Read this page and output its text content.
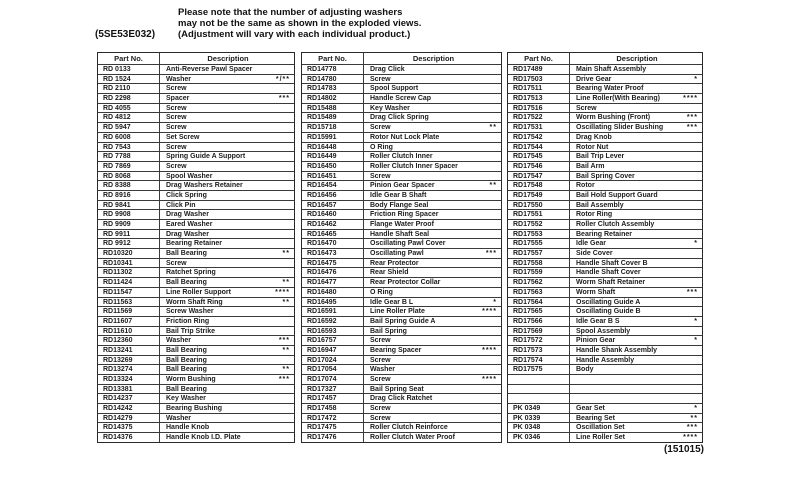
Please note that the number of adjusting washers
may not be the same as shown in the exploded views.
(Adjustment will vary with each individual product.)
(5SE53E032)
Part No.	Description
RD 0133	Anti-Reverse Pawl Spacer
RD 1524	Washer	*/**
RD 2110	Screw
RD 2298	Spacer	***
RD 4055	Screw
RD 4812	Screw
RD 5947	Screw
RD 6008	Set Screw
RD 7543	Screw
RD 7788	Spring Guide A Support
RD 7869	Screw
RD 8068	Spool Washer
RD 8388	Drag Washers Retainer
RD 8916	Click Spring
RD 9841	Click Pin
RD 9908	Drag Washer
RD 9909	Eared Washer
RD 9911	Drag Washer
RD 9912	Bearing Retainer
RD10320	Ball Bearing	**
RD10341	Screw
RD11302	Ratchet Spring
RD11424	Ball Bearing	**
RD11547	Line Roller Support	****
RD11563	Worm Shaft Ring	**
RD11569	Screw Washer
RD11607	Friction Ring
RD11610	Bail Trip Strike
RD12360	Washer	***
RD13241	Ball Bearing	**
RD13269	Ball Bearing
RD13274	Ball Bearing	**
RD13324	Worm Bushing	***
RD13381	Ball Bearing
RD14237	Key Washer
RD14242	Bearing Bushing
RD14279	Washer
RD14375	Handle Knob
RD14376	Handle Knob I.D. Plate
Part No.	Description
RD14778	Drag Click
RD14780	Screw
RD14783	Spool Support
RD14802	Handle Screw Cap
RD15488	Key Washer
RD15489	Drag Click Spring
RD15718	Screw	**
RD15991	Rotor Nut Lock Plate
RD16448	O Ring
RD16449	Roller Clutch Inner
RD16450	Roller Clutch Inner Spacer
RD16451	Screw
RD16454	Pinion Gear Spacer	**
RD16456	Idle Gear B Shaft
RD16457	Body Flange Seal
RD16460	Friction Ring Spacer
RD16462	Flange Water Proof
RD16465	Handle Shaft Seal
RD16470	Oscillating Pawl Cover
RD16473	Oscillating Pawl	***
RD16475	Rear Protector
RD16476	Rear Shield
RD16477	Rear Protector Collar
RD16480	O Ring
RD16495	Idle Gear B L	*
RD16591	Line Roller Plate	****
RD16592	Bail Spring Guide A
RD16593	Bail Spring
RD16757	Screw
RD16947	Bearing Spacer	****
RD17024	Screw
RD17054	Washer
RD17074	Screw	****
RD17327	Bail Spring Seat
RD17457	Drag Click Ratchet
RD17458	Screw
RD17472	Screw
RD17475	Roller Clutch Reinforce
RD17476	Roller Clutch Water Proof
Part No.	Description
RD17489	Main Shaft Assembly
RD17503	Drive Gear	*
RD17511	Bearing Water Proof
RD17513	Line Roller(With Bearing)	****
RD17516	Screw
RD17522	Worm Bushing (Front)	***
RD17531	Oscillating Slider Bushing	***
RD17542	Drag Knob
RD17544	Rotor Nut
RD17545	Bail Trip Lever
RD17546	Bail Arm
RD17547	Bail Spring Cover
RD17548	Rotor
RD17549	Bail Hold Support Guard
RD17550	Bail Assembly
RD17551	Rotor Ring
RD17552	Roller Clutch Assembly
RD17553	Bearing Retainer
RD17555	Idle Gear	*
RD17557	Side Cover
RD17558	Handle Shaft Cover B
RD17559	Handle Shaft Cover
RD17562	Worm Shaft Retainer
RD17563	Worm Shaft	***
RD17564	Oscillating Guide A
RD17565	Oscillating Guide B
RD17566	Idle Gear B S	*
RD17569	Spool Assembly
RD17572	Pinion Gear	*
RD17573	Handle Shank Assembly
RD17574	Handle Assembly
RD17575	Body
PK 0349	Gear Set	*
PK 0339	Bearing Set	**
PK 0348	Oscillation Set	***
PK 0346	Line Roller Set	****
(151015)
